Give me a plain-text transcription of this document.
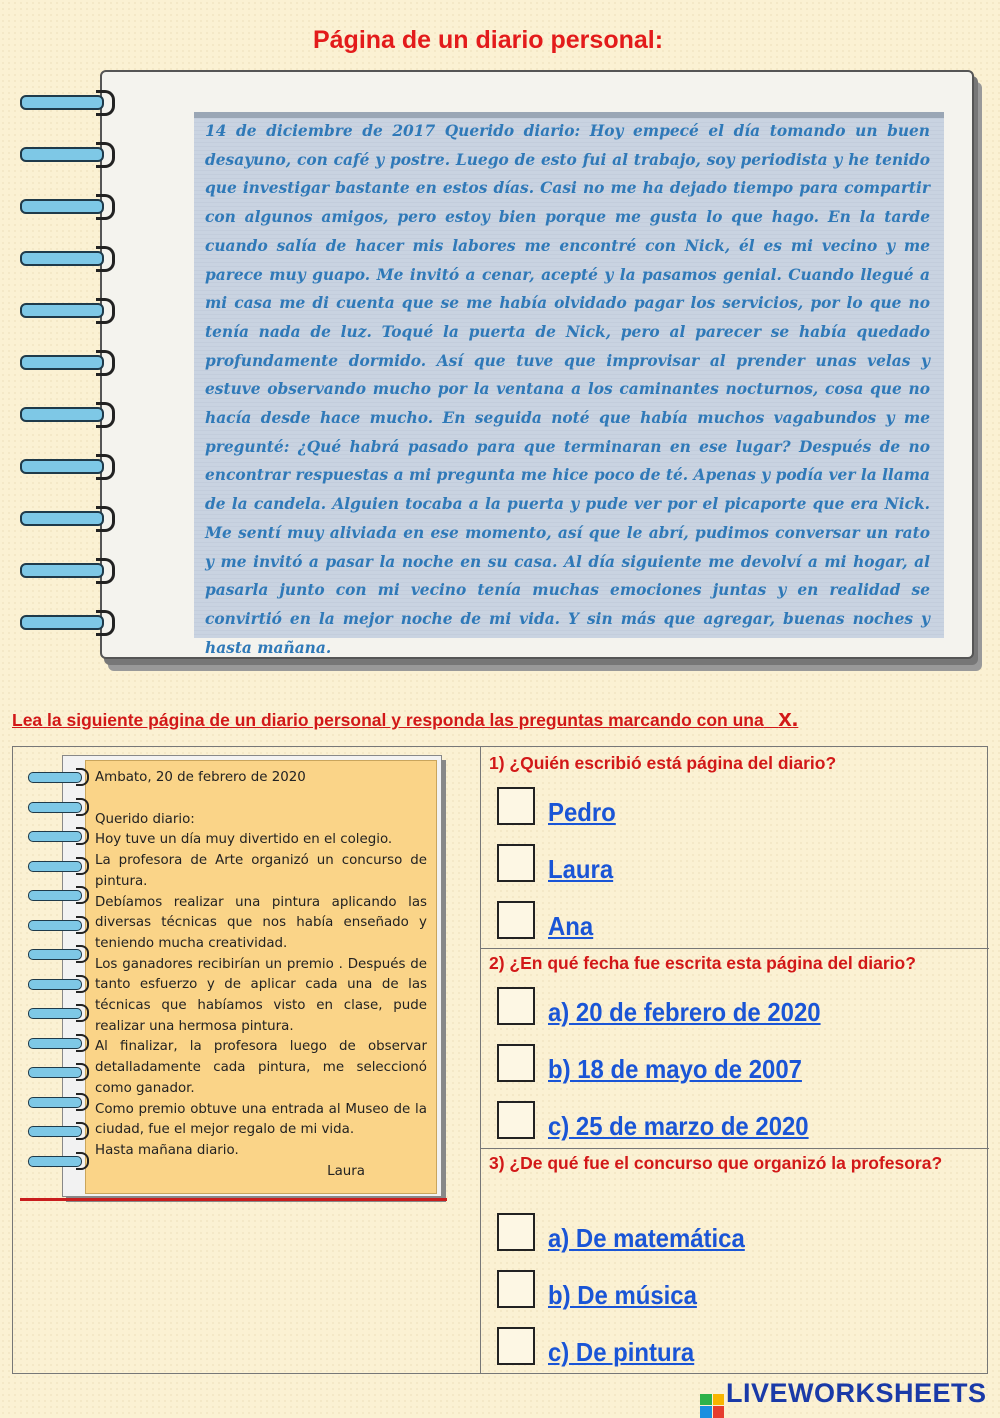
Página de un diario personal:
14 de diciembre de 2017 Querido diario: Hoy empecé el día tomando un buen desayuno, con café y postre. Luego de esto fui al trabajo, soy periodista y he tenido que investigar bastante en estos días. Casi no me ha dejado tiempo para compartir con algunos amigos, pero estoy bien porque me gusta lo que hago. En la tarde cuando salía de hacer mis labores me encontré con Nick, él es mi vecino y me parece muy guapo. Me invitó a cenar, acepté y la pasamos genial. Cuando llegué a mi casa me di cuenta que se me había olvidado pagar los servicios, por lo que no tenía nada de luz. Toqué la puerta de Nick, pero al parecer se había quedado profundamente dormido. Así que tuve que improvisar al prender unas velas y estuve observando mucho por la ventana a los caminantes nocturnos, cosa que no hacía desde hace mucho. En seguida noté que había muchos vagabundos y me pregunté: ¿Qué habrá pasado para que terminaran en ese lugar? Después de no encontrar respuestas a mi pregunta me hice poco de té. Apenas y podía ver la llama de la candela. Alguien tocaba a la puerta y pude ver por el picaporte que era Nick. Me sentí muy aliviada en ese momento, así que le abrí, pudimos conversar un rato y me invitó a pasar la noche en su casa. Al día siguiente me devolví a mi hogar, al pasarla junto con mi vecino tenía muchas emociones juntas y en realidad se convirtió en la mejor noche de mi vida. Y sin más que agregar, buenas noches y hasta mañana.
Lea la siguiente página de un diario personal y responda las preguntas marcando con una x.

Ambato, 20 de febrero de 2020

Querido diario:

Hoy tuve un día muy divertido en el colegio.

La profesora de Arte organizó un concurso de pintura.

Debíamos realizar una pintura aplicando las diversas técnicas que nos había enseñado y teniendo mucha creatividad.

Los ganadores recibirían un premio . Después de tanto esfuerzo y de aplicar cada una de las técnicas que habíamos visto en clase, pude realizar una hermosa pintura.

Al finalizar, la profesora luego de observar detalladamente cada pintura, me seleccionó como ganador.

Como premio obtuve una entrada al Museo de la ciudad, fue el mejor regalo de mi vida.

Hasta mañana diario.

Laura

1) ¿Quién escribió está página del diario?
Pedro
Laura
Ana
2) ¿En qué fecha fue escrita esta página del diario?
a) 20 de febrero de 2020
b) 18 de mayo de 2007
c) 25 de marzo de 2020
3) ¿De qué fue el concurso que organizó la profesora?
a) De matemática
b) De música
c) De pintura
LIVEWORKSHEETS
